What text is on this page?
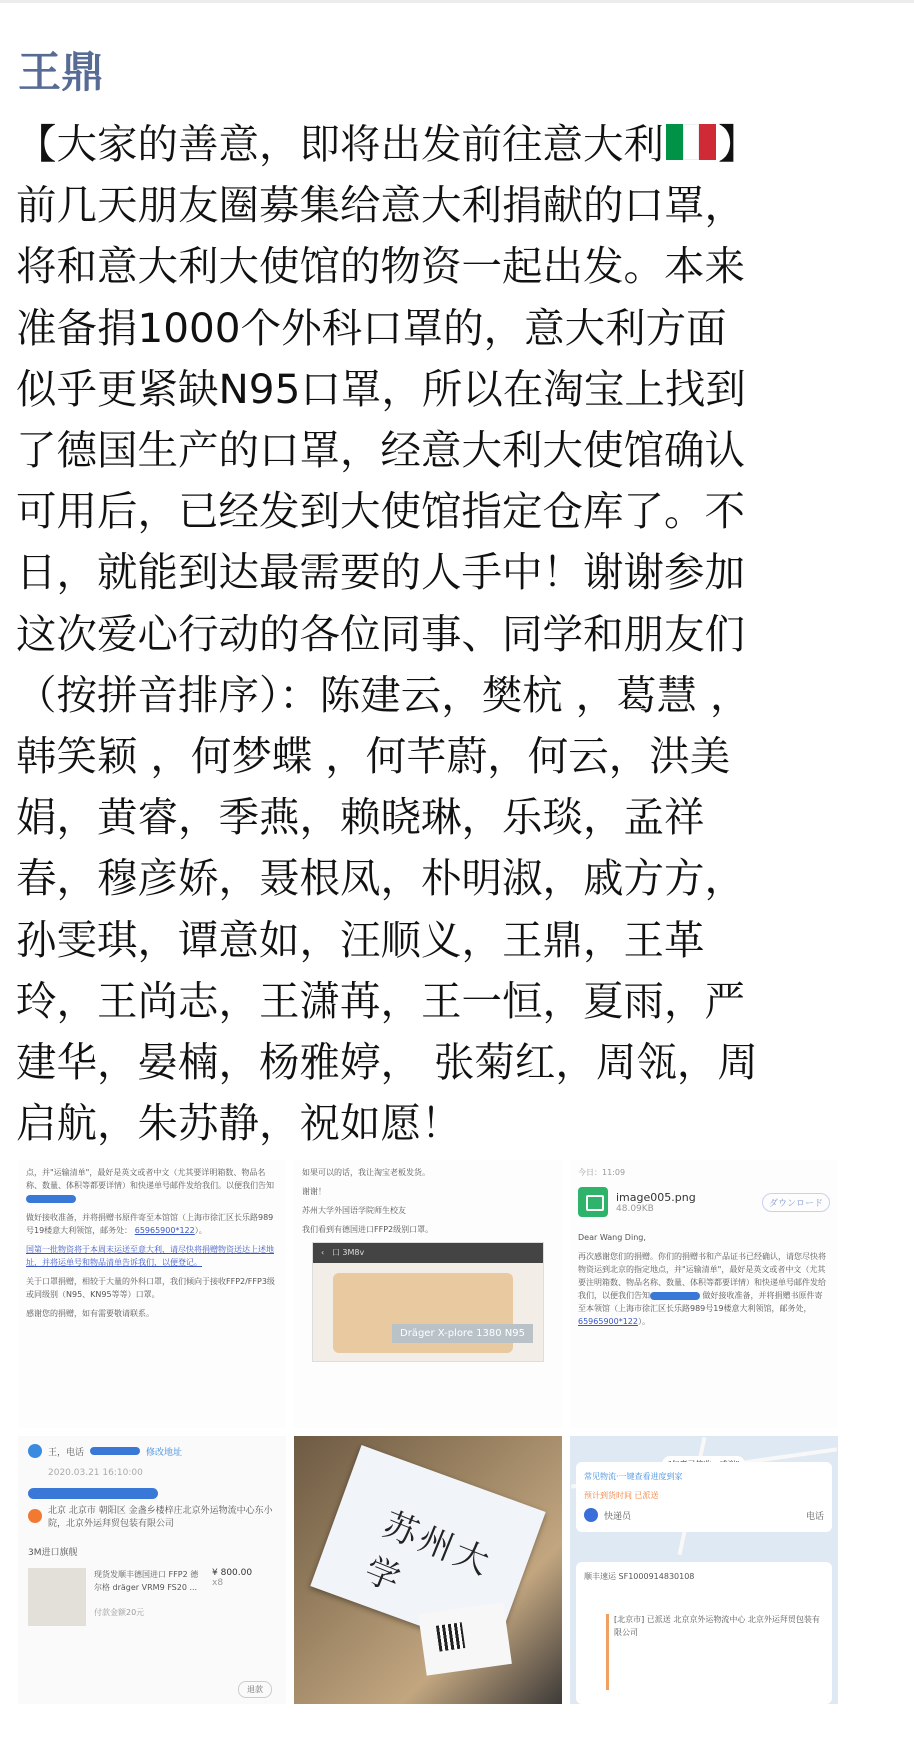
王鼎
【大家的善意，即将出发前往意大利 】
前几天朋友圈募集给意大利捐献的口罩，
将和意大利大使馆的物资一起出发。本来
准备捐1000个外科口罩的，意大利方面
似乎更紧缺N95口罩，所以在淘宝上找到
了德国生产的口罩，经意大利大使馆确认
可用后，已经发到大使馆指定仓库了。不
日，就能到达最需要的人手中！谢谢参加
这次爱心行动的各位同事、同学和朋友们
（按拼音排序）：陈建云，樊杭 ，葛慧 ，
韩笑颖 ，何梦蝶 ，何芊蔚，何云，洪美
娟，黄睿，季燕，赖晓琳，乐琰，孟祥
春，穆彦娇，聂根凤，朴明淑，戚方方，
孙雯琪，谭意如，汪顺义，王鼎，王革
玲，王尚志，王潇苒，王一恒，夏雨，严
建华，晏楠，杨雅婷， 张菊红，周瓴，周
启航，朱苏静，祝如愿！

点，并"运输清单"，最好是英文或者中文（尤其要详明箱数、物品名称、数量、体积等都要详情）和快递单号邮件发给我们。以便我们告知

做好接收准备，并将捐赠书原件寄至本馆馆（上海市徐汇区长乐路989号19楼意大利领馆，邮务处： 65965900*122）。

国第一批物资将于本周末运送至意大利，请尽快将捐赠物资送达上述地址，并将运单号和物品清单告诉我们，以便登记。

关于口罩捐赠，相较于大量的外科口罩，我们倾向于接收FFP2/FFP3级或同级别（N95、KN95等等）口罩。

感谢您的捐赠，如有需要敬请联系。

如果可以的话，我让淘宝老板发货。

谢谢！

苏州大学外国语学院师生校友

我们看到有德国进口FFP2级别口罩。

‹   口 3M8v
Dräger X-plore 1380 N95

今日：11:09

image005.png
48.09KB	ダウンロード

Dear Wang Ding,

再次感谢您们的捐赠。你们的捐赠书和产品证书已经确认，请您尽快将物资运到北京的指定地点，并"运输清单"，最好是英文或者中文（尤其要注明箱数、物品名称、数量、体积等都要详情）和快递单号邮件发给我们，以便我们告知	做好接收准备，并将捐赠书原件寄至本领馆（上海市徐汇区长乐路989号19楼意大利领馆，邮务处，65965900*122）。

王，电话	修改地址
2020.03.21 16:10:00
北京 北京市 朝阳区 金盏乡楼梓庄北京外运物流中心东小院，北京外运拜贸包装有限公司
3M进口旗舰
现货发顺丰德国进口 FFP2 德尔格 dräger VRM9 FS20 ...
¥ 800.00
x8
付款金额20元
退款
苏州大学
常见物流·一键查看进度到家
预计到货时间 已派送
快递员	电话
顺丰速运 SF1000914830108
[北京市] 已派送 北京京外运物流中心 北京外运拜贸包装有限公司
